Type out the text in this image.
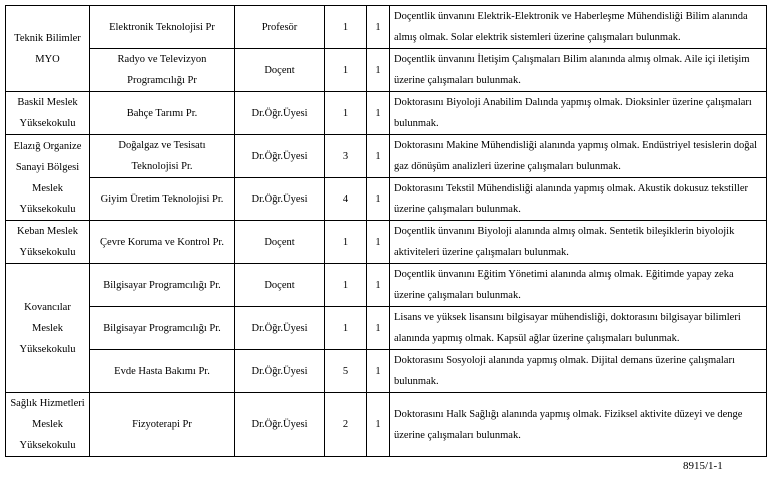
Teknik Bilimler MYO	Elektronik Teknolojisi Pr	Profesör	1	1	Doçentlik ünvanını Elektrik-Elektronik ve Haberleşme Mühendisliği Bilim alanında almış olmak. Solar elektrik sistemleri üzerine çalışmaları bulunmak.
	Radyo ve Televizyon Programcılığı Pr	Doçent	1	1	Doçentlik ünvanını İletişim Çalışmaları Bilim alanında almış olmak. Aile içi iletişim üzerine çalışmaları bulunmak.
Baskil Meslek Yüksekokulu	Bahçe Tarımı Pr.	Dr.Öğr.Üyesi	1	1	Doktorasını Biyoloji Anabilim Dalında yapmış olmak. Dioksinler üzerine çalışmaları bulunmak.
Elazığ Organize Sanayi Bölgesi Meslek Yüksekokulu	Doğalgaz ve Tesisatı Teknolojisi Pr.	Dr.Öğr.Üyesi	3	1	Doktorasını Makine Mühendisliği alanında yapmış olmak. Endüstriyel tesislerin doğal gaz dönüşüm analizleri üzerine çalışmaları bulunmak.
	Giyim Üretim Teknolojisi Pr.	Dr.Öğr.Üyesi	4	1	Doktorasını Tekstil Mühendisliği alanında yapmış olmak. Akustik dokusuz tekstiller üzerine çalışmaları bulunmak.
Keban Meslek Yüksekokulu	Çevre Koruma ve Kontrol Pr.	Doçent	1	1	Doçentlik ünvanını Biyoloji alanında almış olmak. Sentetik bileşiklerin biyolojik aktiviteleri üzerine çalışmaları bulunmak.
Kovancılar Meslek Yüksekokulu	Bilgisayar Programcılığı Pr.	Doçent	1	1	Doçentlik ünvanını Eğitim Yönetimi alanında almış olmak. Eğitimde yapay zeka üzerine çalışmaları bulunmak.
	Bilgisayar Programcılığı Pr.	Dr.Öğr.Üyesi	1	1	Lisans ve yüksek lisansını bilgisayar mühendisliği, doktorasını bilgisayar bilimleri alanında yapmış olmak. Kapsül ağlar üzerine çalışmaları bulunmak.
	Evde Hasta Bakımı Pr.	Dr.Öğr.Üyesi	5	1	Doktorasını Sosyoloji alanında yapmış olmak. Dijital demans üzerine çalışmaları bulunmak.
Sağlık Hizmetleri Meslek Yüksekokulu	Fizyoterapi Pr	Dr.Öğr.Üyesi	2	1	Doktorasını Halk Sağlığı alanında yapmış olmak. Fiziksel aktivite düzeyi ve denge üzerine çalışmaları bulunmak.
8915/1-1
